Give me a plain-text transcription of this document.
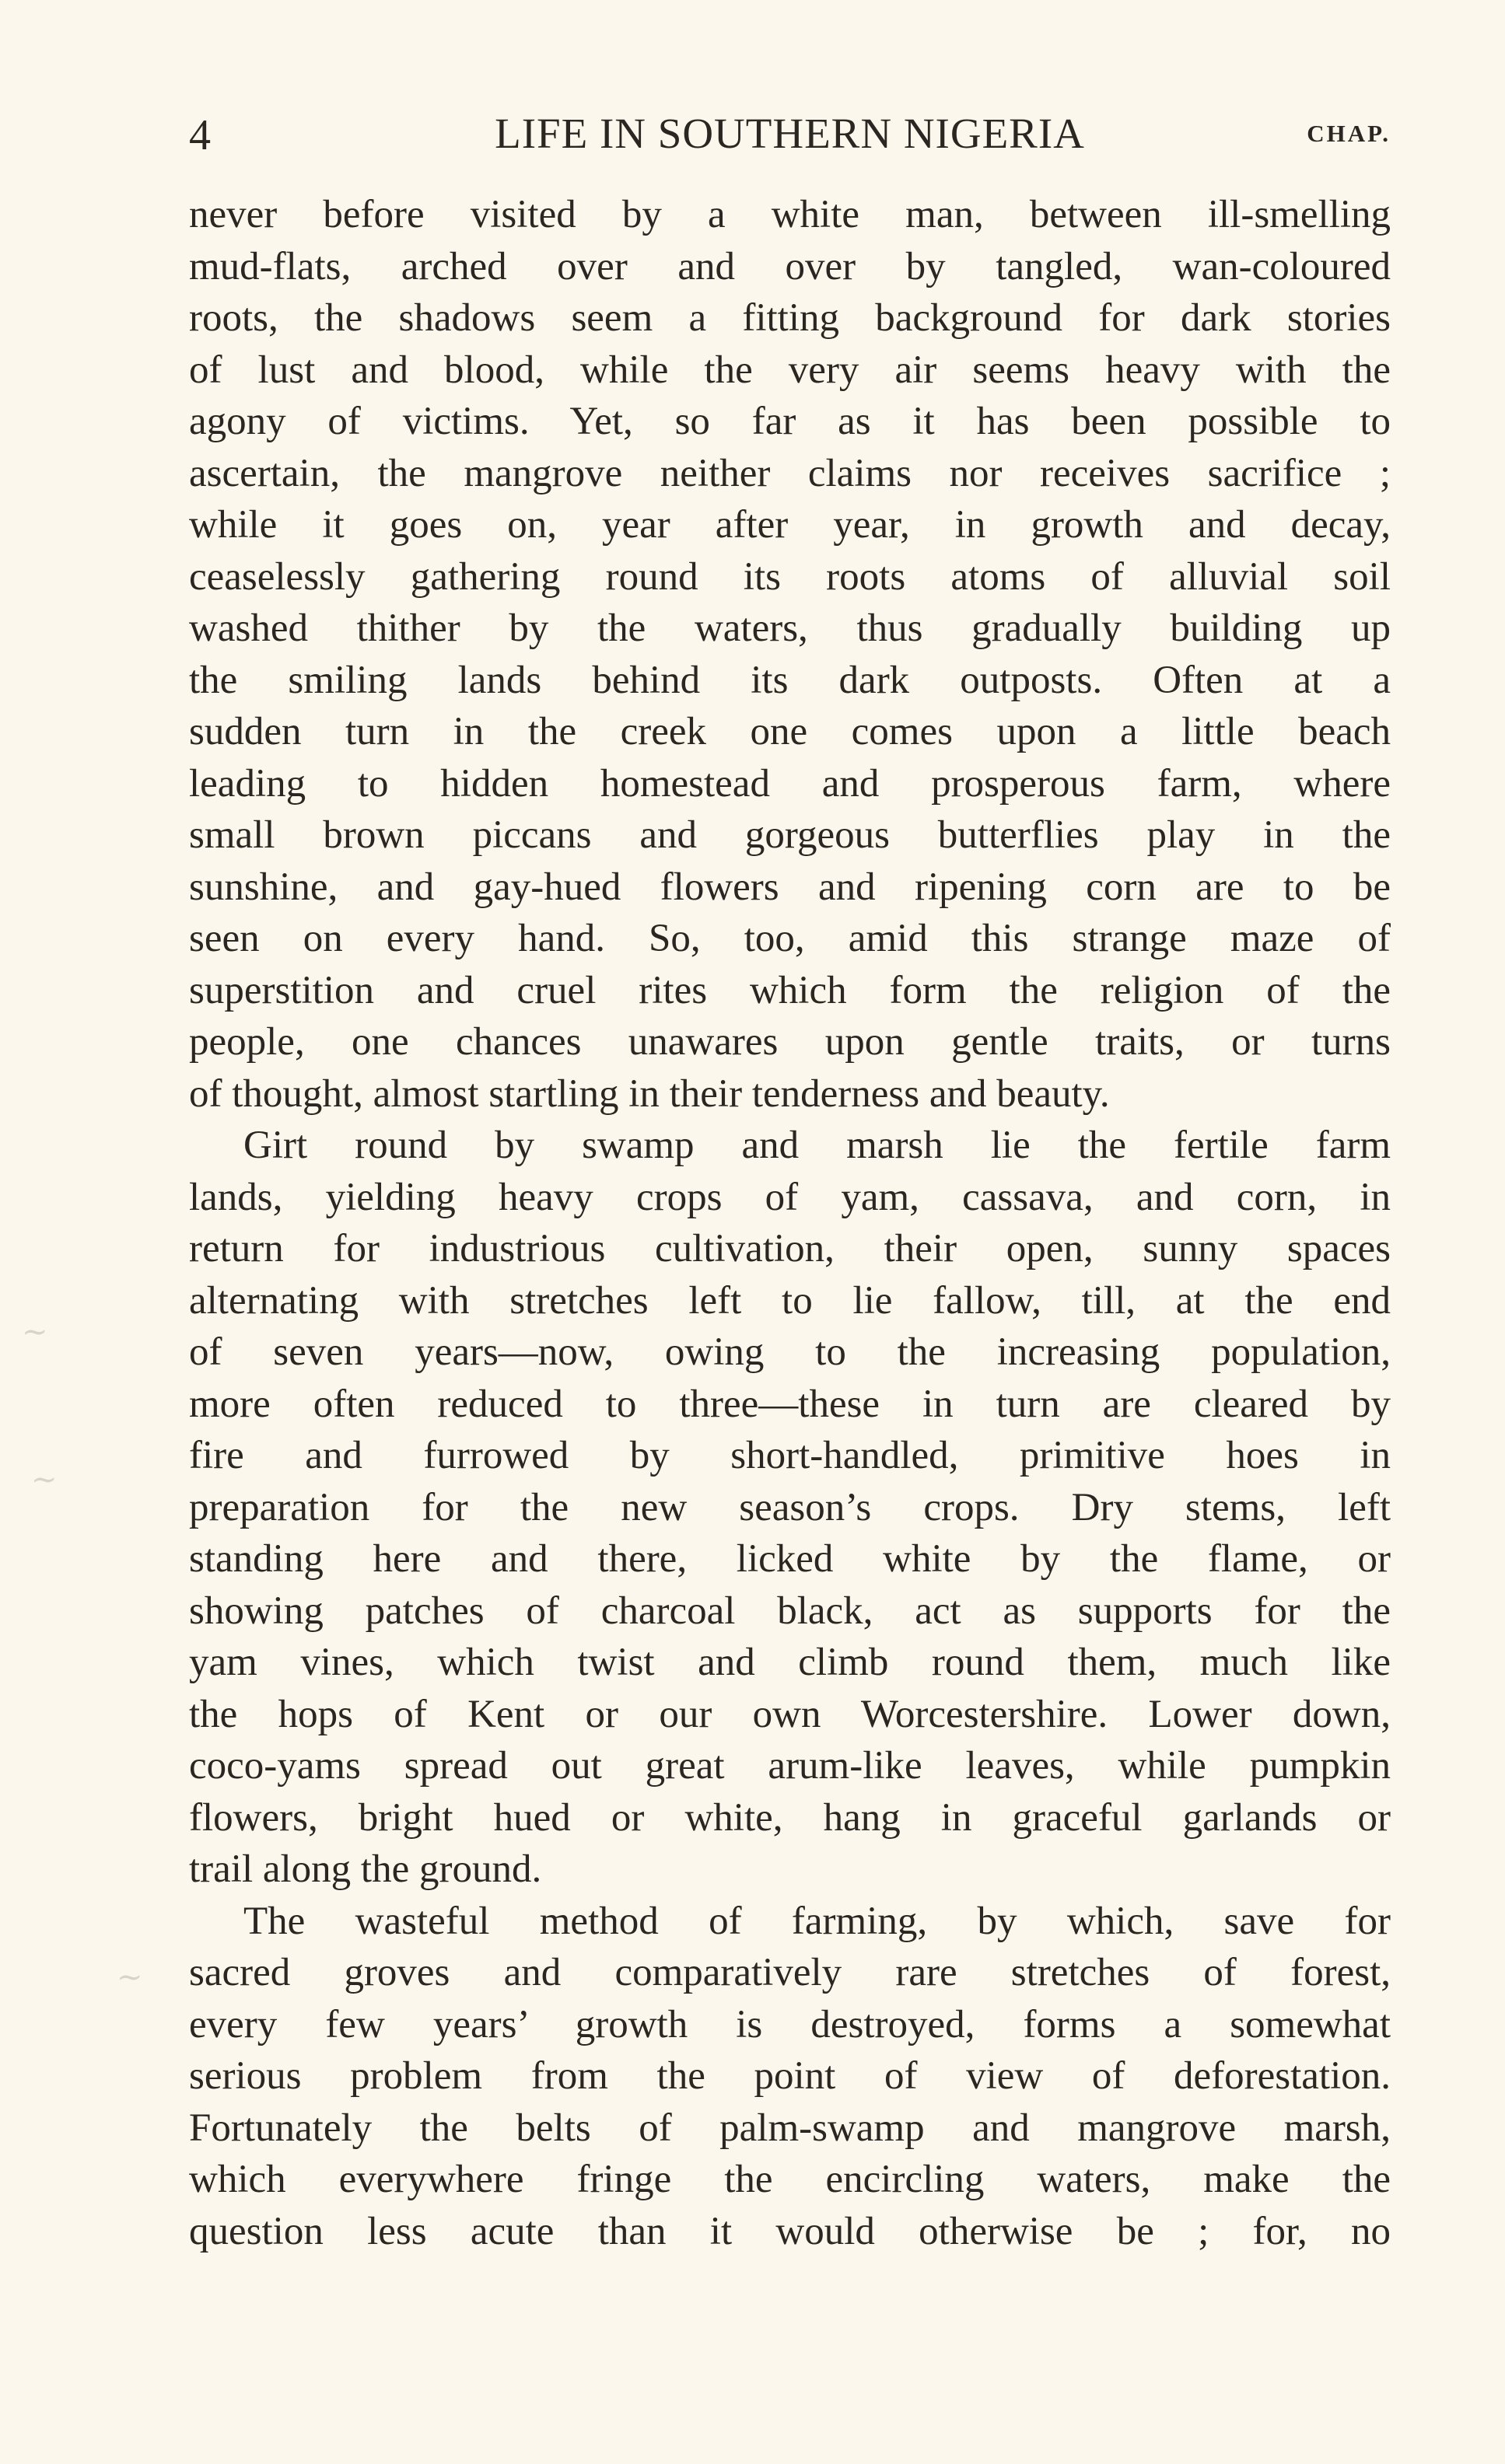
4	LIFE IN SOUTHERN NIGERIA	CHAP.
never before visited by a white man, between ill-smelling
mud-flats, arched over and over by tangled, wan-coloured
roots, the shadows seem a fitting background for dark stories
of lust and blood, while the very air seems heavy with the
agony of victims. Yet, so far as it has been possible to
ascertain, the mangrove neither claims nor receives sacrifice ;
while it goes on, year after year, in growth and decay,
ceaselessly gathering round its roots atoms of alluvial soil
washed thither by the waters, thus gradually building up
the smiling lands behind its dark outposts. Often at a
sudden turn in the creek one comes upon a little beach
leading to hidden homestead and prosperous farm, where
small brown piccans and gorgeous butterflies play in the
sunshine, and gay-hued flowers and ripening corn are to be
seen on every hand. So, too, amid this strange maze of
superstition and cruel rites which form the religion of the
people, one chances unawares upon gentle traits, or turns
of thought, almost startling in their tenderness and beauty.
Girt round by swamp and marsh lie the fertile farm
lands, yielding heavy crops of yam, cassava, and corn, in
return for industrious cultivation, their open, sunny spaces
alternating with stretches left to lie fallow, till, at the end
of seven years—now, owing to the increasing population,
more often reduced to three—these in turn are cleared by
fire and furrowed by short-handled, primitive hoes in
preparation for the new season’s crops. Dry stems, left
standing here and there, licked white by the flame, or
showing patches of charcoal black, act as supports for the
yam vines, which twist and climb round them, much like
the hops of Kent or our own Worcestershire. Lower down,
coco-yams spread out great arum-like leaves, while pumpkin
flowers, bright hued or white, hang in graceful garlands or
trail along the ground.
The wasteful method of farming, by which, save for
sacred groves and comparatively rare stretches of forest,
every few years’ growth is destroyed, forms a somewhat
serious problem from the point of view of deforestation.
Fortunately the belts of palm-swamp and mangrove marsh,
which everywhere fringe the encircling waters, make the
question less acute than it would otherwise be ; for, no
~
~
~
